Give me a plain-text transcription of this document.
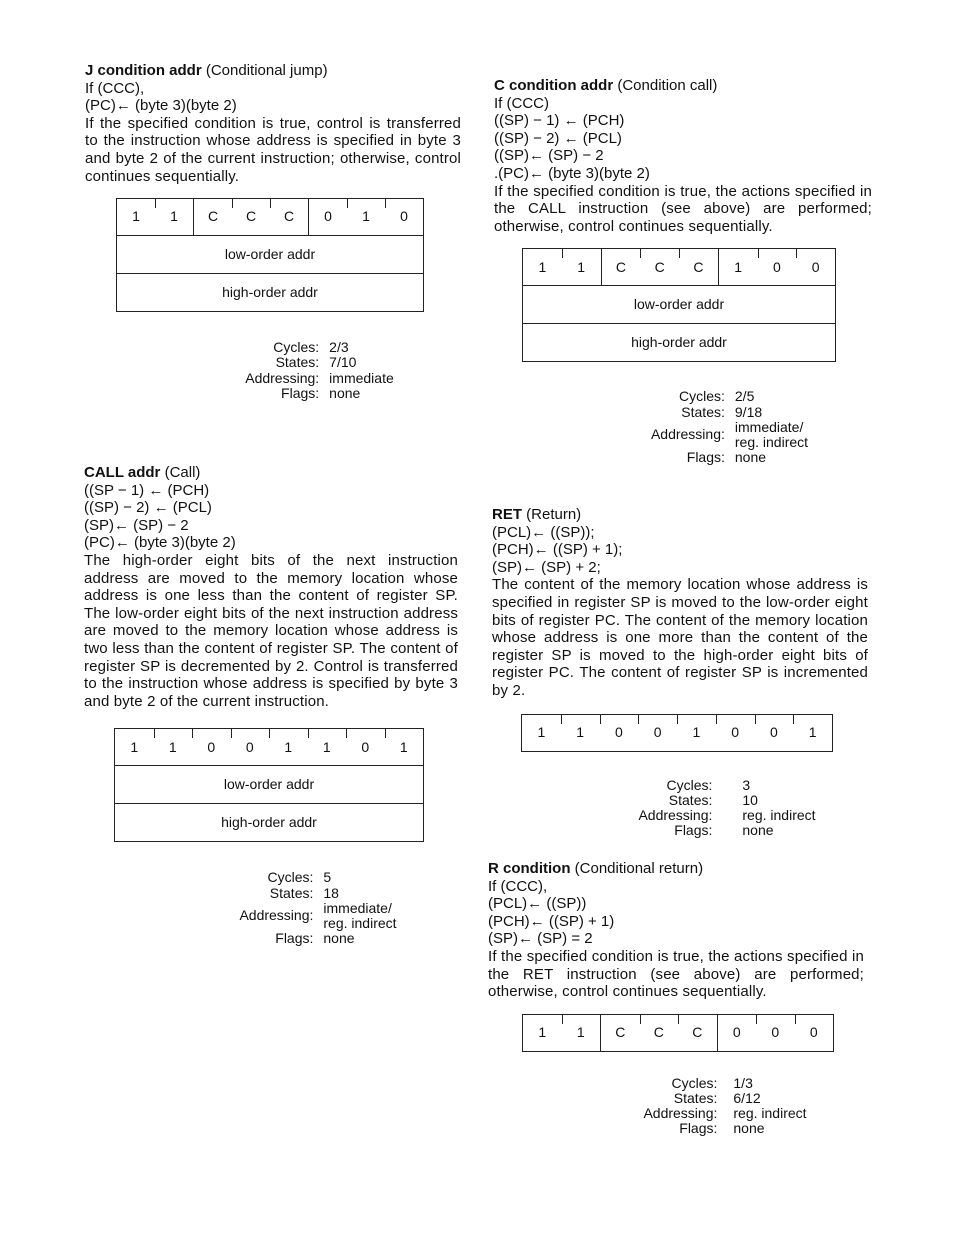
J condition addr (Conditional jump)
If (CCC),
(PC)← (byte 3)(byte 2)
If the specified condition is true, control is transferred to the instruction whose address is specified in byte 3 and byte 2 of the current instruction; otherwise, control continues sequentially.
1	1	C	C	C	0	1	0
low-order addr
high-order addr
Cycles: 2/3
States: 7/10
Addressing: immediate
Flags: none
CALL addr (Call)
((SP − 1) ← (PCH)
((SP) − 2) ← (PCL)
(SP)← (SP) − 2
(PC)← (byte 3)(byte 2)
The high-order eight bits of the next instruction address are moved to the memory location whose address is one less than the content of register SP. The low-order eight bits of the next instruction address are moved to the memory location whose address is two less than the content of register SP. The content of register SP is decremented by 2. Control is transferred to the instruction whose address is specified by byte 3 and byte 2 of the current instruction.
1	1	0	0	1	1	0	1
low-order addr
high-order addr
Cycles: 5
States: 18
Addressing: immediate/
reg. indirect
Flags: none
C condition addr (Condition call)
If (CCC)
((SP) − 1) ← (PCH)
((SP) − 2) ← (PCL)
((SP)← (SP) − 2
.(PC)← (byte 3)(byte 2)
If the specified condition is true, the actions specified in the CALL instruction (see above) are performed; otherwise, control continues sequentially.
1	1	C	C	C	1	0	0
low-order addr
high-order addr
Cycles: 2/5
States: 9/18
Addressing: immediate/
reg. indirect
Flags: none
RET (Return)
(PCL)← ((SP));
(PCH)← ((SP) + 1);
(SP)← (SP) + 2;
The content of the memory location whose address is specified in register SP is moved to the low-order eight bits of register PC. The content of the memory location whose address is one more than the content of the register SP is moved to the high-order eight bits of register PC. The content of register SP is incremented by 2.
1	1	0	0	1	0	0	1
Cycles: 3
States: 10
Addressing: reg. indirect
Flags: none
R condition (Conditional return)
If (CCC),
(PCL)← ((SP))
(PCH)← ((SP) + 1)
(SP)← (SP) = 2
If the specified condition is true, the actions specified in the RET instruction (see above) are performed; otherwise, control continues sequentially.
1	1	C	C	C	0	0	0
Cycles: 1/3
States: 6/12
Addressing: reg. indirect
Flags: none
